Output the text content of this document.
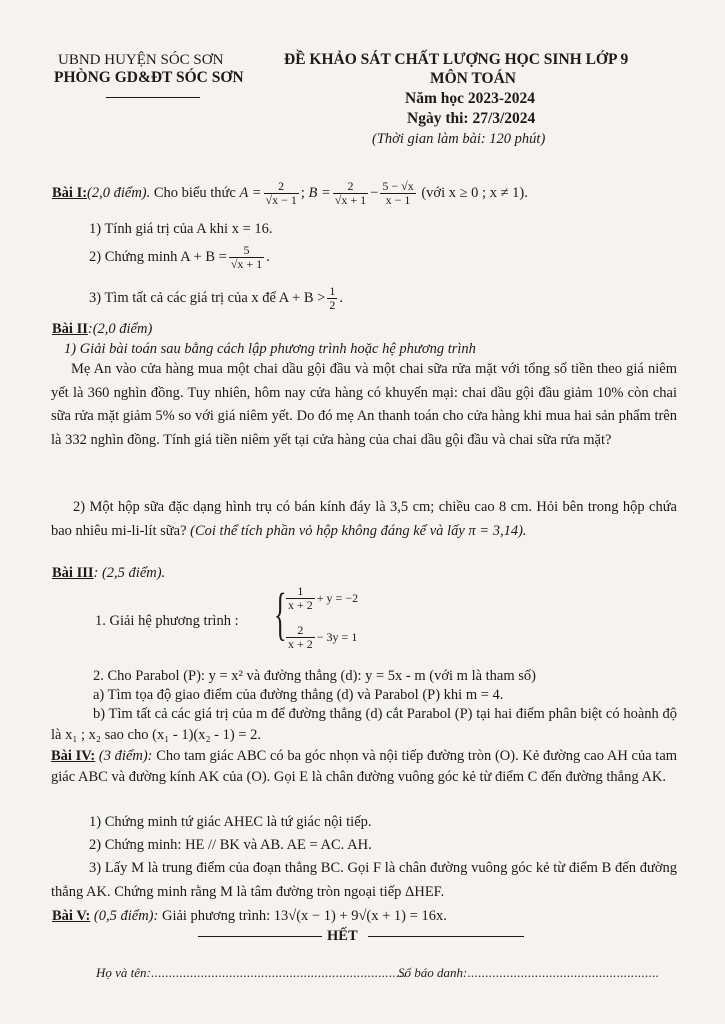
UBND HUYỆN SÓC SƠN
PHÒNG GD&ĐT SÓC SƠN
ĐỀ KHẢO SÁT CHẤT LƯỢNG HỌC SINH LỚP 9
MÔN TOÁN
Năm học 2023-2024
Ngày thi: 27/3/2024
(Thời gian làm bài: 120 phút)
Bài I:(2,0 điểm). Cho biểu thức $A = \frac{2}{√x - 1}$ ; $B = \frac{2}{√x + 1} - \frac{5 - √x}{x - 1}$ (với x ≥ 0 ; x ≠ 1).
1) Tính giá trị của A khi x = 16.
2) Chứng minh $A + B = \frac{5}{√x + 1}$ .
3) Tìm tất cả các giá trị của x để $A + B > \frac{1}{2}$ .
Bài II:(2,0 điểm)
1) Giải bài toán sau bằng cách lập phương trình hoặc hệ phương trình
Mẹ An vào cửa hàng mua một chai dầu gội đầu và một chai sữa rửa mặt với tổng số tiền theo giá niêm yết là 360 nghìn đồng. Tuy nhiên, hôm nay cửa hàng có khuyến mại: chai dầu gội đầu giảm 10% còn chai sữa rửa mặt giảm 5% so với giá niêm yết. Do đó mẹ An thanh toán cho cửa hàng khi mua hai sản phẩm trên là 332 nghìn đồng. Tính giá tiền niêm yết tại cửa hàng của chai dầu gội đầu và chai sữa rửa mặt?
2) Một hộp sữa đặc dạng hình trụ có bán kính đáy là 3,5 cm; chiều cao 8 cm. Hỏi bên trong hộp chứa bao nhiêu mi-li-lít sữa? (Coi thể tích phần vỏ hộp không đáng kể và lấy π = 3,14).
Bài III: (2,5 điểm).
1. Giải hệ phương trình : { $\frac{1}{x + 2} + y = -2$
$\frac{2}{x + 2} - 3y = 1$
2. Cho Parabol (P): y = x² và đường thẳng (d): y = 5x - m (với m là tham số)
a) Tìm tọa độ giao điểm của đường thẳng (d) và Parabol (P) khi m = 4.
b) Tìm tất cả các giá trị của m để đường thẳng (d) cắt Parabol (P) tại hai điểm phân biệt có hoành độ là x₁ ; x₂ sao cho (x₁ - 1)(x₂ - 1) = 2.
Bài IV: (3 điểm): Cho tam giác ABC có ba góc nhọn và nội tiếp đường tròn (O). Kẻ đường cao AH của tam giác ABC và đường kính AK của (O). Gọi E là chân đường vuông góc kẻ từ điểm C đến đường thẳng AK.
1) Chứng minh tứ giác AHEC là tứ giác nội tiếp.
2) Chứng minh: HE // BK và AB. AE = AC. AH.
3) Lấy M là trung điểm của đoạn thẳng BC. Gọi F là chân đường vuông góc kẻ từ điểm B đến đường thẳng AK. Chứng minh rằng M là tâm đường tròn ngoại tiếp ΔHEF.
Bài V: (0,5 điểm): Giải phương trình: 13√(x − 1) + 9√(x + 1) = 16x.
HẾT
Họ và tên:........................................................................
Số báo danh:......................................................
